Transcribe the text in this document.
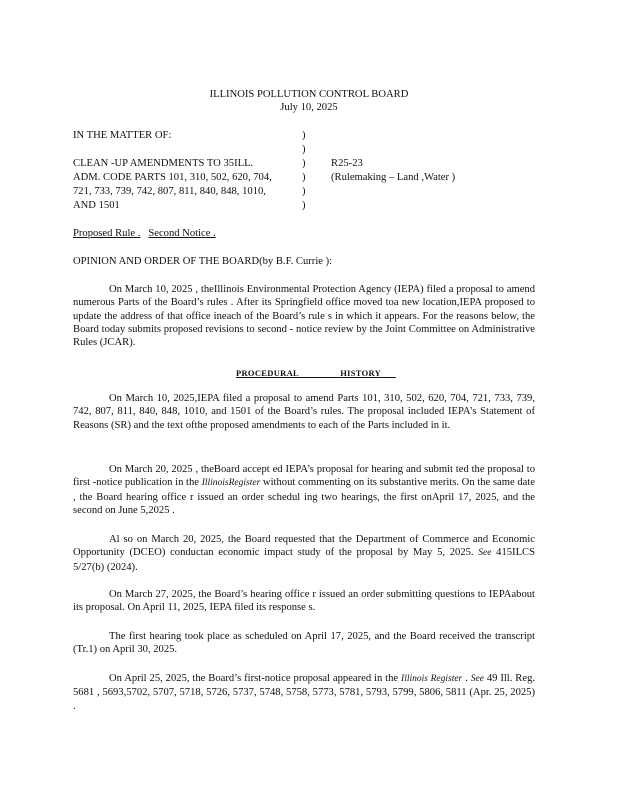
ILLINOIS POLLUTION CONTROL BOARD
July 10, 2025
IN THE MATTER OF:
CLEAN -UP AMENDMENTS TO 35ILL.
ADM. CODE PARTS 101, 310, 502, 620, 704,
721, 733, 739, 742, 807, 811, 840, 848, 1010,
AND 1501
)
)
)
)
)
)
R25-23
(Rulemaking – Land ,Water )
Proposed Rule . Second Notice .
OPINION AND ORDER OF THE BOARD(by B.F. Currie ):

On March 10, 2025 , theIllinois Environmental Protection Agency (IEPA) filed a proposal to amend numerous Parts of the Board’s rules . After its Springfield office moved toa new location,IEPA proposed to update the address of that office ineach of the Board’s rule s in which it appears. For the reasons below, the Board today submits proposed revisions to second - notice review by the Joint Committee on Administrative Rules (JCAR).

PROCEDURAL	HISTORY

On March 10, 2025,IEPA filed a proposal to amend Parts 101, 310, 502, 620, 704, 721, 733, 739, 742, 807, 811, 840, 848, 1010, and 1501 of the Board’s rules. The proposal included IEPA’s Statement of Reasons (SR) and the text ofthe proposed amendments to each of the Parts included in it.

On March 20, 2025 , theBoard accept ed IEPA’s proposal for hearing and submit ted the proposal to first -notice publication in the IllinoisRegister without commenting on its substantive merits. On the same date , the Board hearing office r issued an order schedul ing two hearings, the first onApril 17, 2025, and the second on June 5,2025 .

Al so on March 20, 2025, the Board requested that the Department of Commerce and Economic Opportunity (DCEO) conductan economic impact study of the proposal by May 5, 2025. See 415ILCS 5/27(b) (2024).

On March 27, 2025, the Board’s hearing office r issued an order submitting questions to IEPAabout its proposal. On April 11, 2025, IEPA filed its response s.

The first hearing took place as scheduled on April 17, 2025, and the Board received the transcript (Tr.1) on April 30, 2025.

On April 25, 2025, the Board’s first-notice proposal appeared in the Illinois Register . See 49 Ill. Reg. 5681 , 5693,5702, 5707, 5718, 5726, 5737, 5748, 5758, 5773, 5781, 5793, 5799, 5806, 5811 (Apr. 25, 2025) .
